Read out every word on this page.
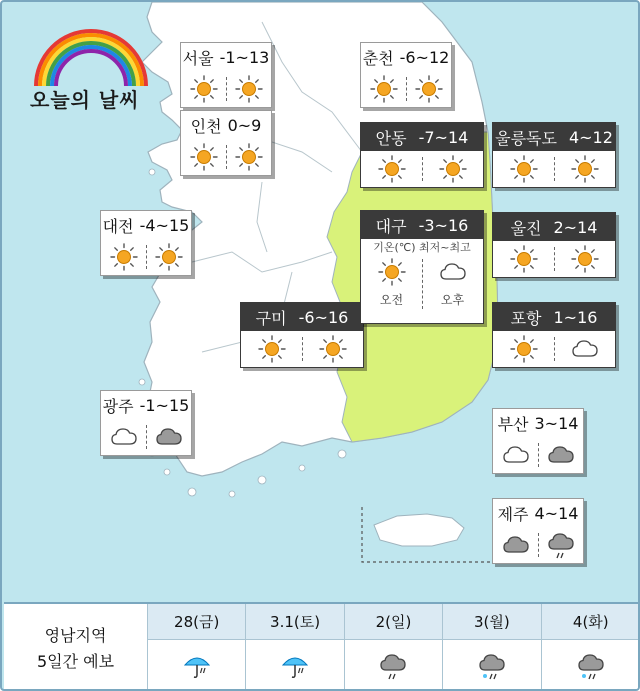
오늘의 날씨
서울 -1~13	춘천 -6~12
인천 0~9
안동 -7~14 울릉독도 4~12
대전 -4~15	울진 2~14
구미 -6~16	포항 1~16
광주 -1~15
부산 3~14
제주 4~14
대구 -3~16
기온(℃) 최저~최고
오전	오후
영남지역
5일간 예보
28(금)	3.1(토)	2(일)	3(월)	4(화)
